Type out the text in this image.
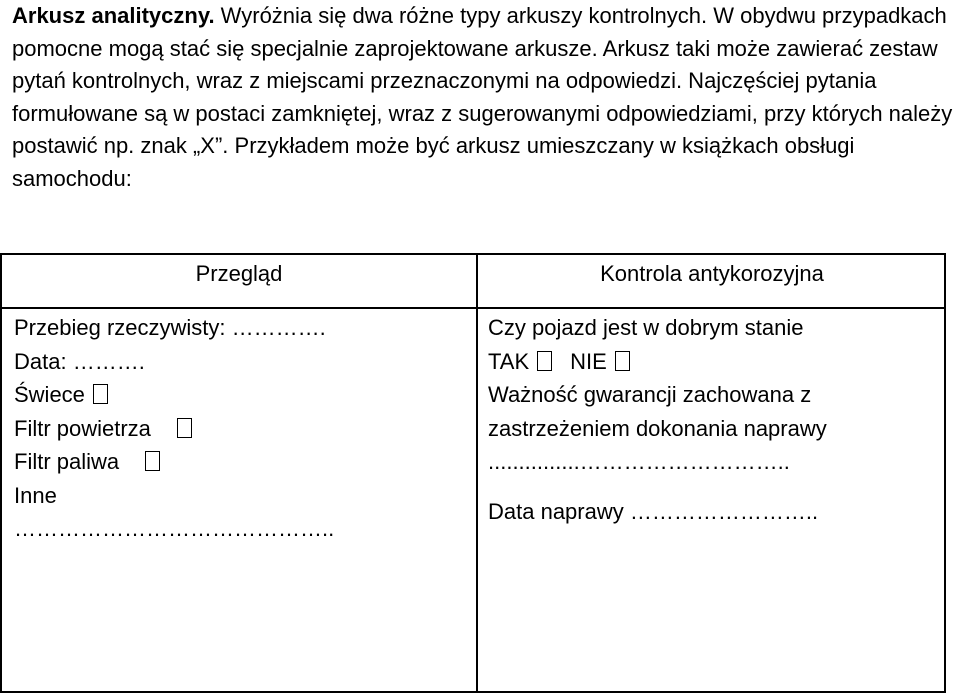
Arkusz analityczny. Wyróżnia się dwa różne typy arkuszy kontrolnych. W obydwu przypadkach pomocne mogą stać się specjalnie zaprojektowane arkusze. Arkusz taki może zawierać zestaw pytań kontrolnych, wraz z miejscami przeznaczonymi na odpowiedzi. Najczęściej pytania formułowane są w postaci zamkniętej, wraz z sugerowanymi odpowiedziami, przy których należy postawić np. znak „X”. Przykładem może być arkusz umieszczany w książkach obsługi samochodu:
Przegląd	Kontrola antykorozyjna
Przebieg rzeczywisty: ………….
Data: ……….
Świece
Filtr powietrza
Filtr paliwa
Inne
……………………………………..
Czy pojazd jest w dobrym stanie
TAK NIE
Ważność gwarancji zachowana z
zastrzeżeniem dokonania naprawy
...............………………………..
Data naprawy ……………………..
